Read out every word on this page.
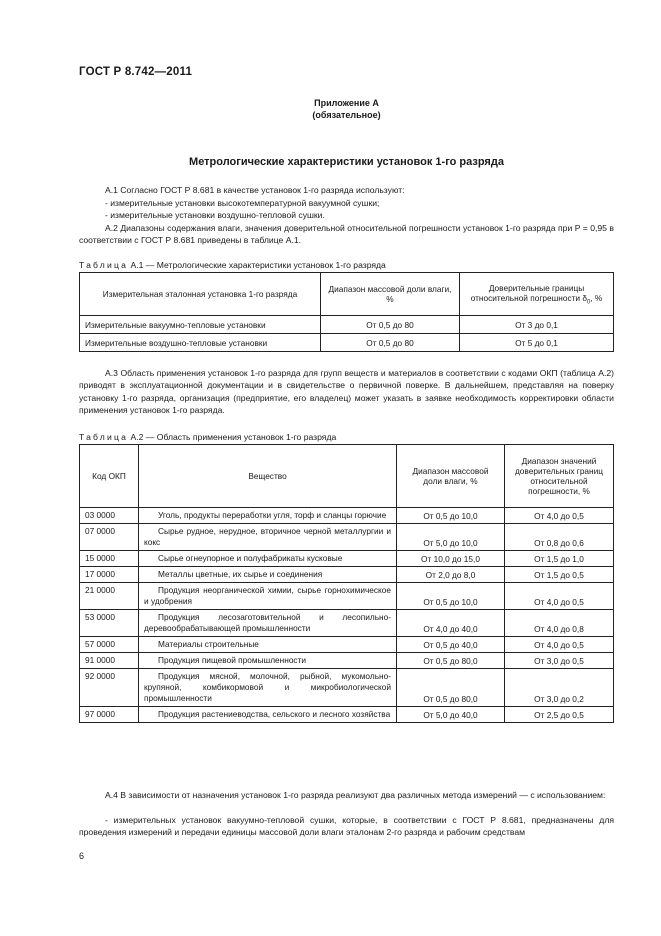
ГОСТ Р 8.742—2011
Приложение А
(обязательное)
Метрологические характеристики установок 1-го разряда
А.1 Согласно ГОСТ Р 8.681 в качестве установок 1-го разряда используют:
- измерительные установки высокотемпературной вакуумной сушки;
- измерительные установки воздушно-тепловой сушки.
А.2 Диапазоны содержания влаги, значения доверительной относительной погрешности установок 1-го разряда при P = 0,95 в соответствии с ГОСТ Р 8.681 приведены в таблице А.1.
Таблица А.1 — Метрологические характеристики установок 1-го разряда
Измерительная эталонная установка 1-го разряда	Диапазон массовой доли влаги, %	Доверительные границы относительной погрешности $\delta_0$, %
Измерительные вакуумно-тепловые установки	От 0,5 до 80	От 3 до 0,1
Измерительные воздушно-тепловые установки	От 0,5 до 80	От 5 до 0,1
А.3 Область применения установок 1-го разряда для групп веществ и материалов в соответствии с кодами ОКП (таблица А.2) приводят в эксплуатационной документации и в свидетельстве о первичной поверке. В дальнейшем, представляя на поверку установку 1-го разряда, организация (предприятие, его владелец) может указать в заявке необходимость корректировки области применения установок 1-го разряда.
Таблица А.2 — Область применения установок 1-го разряда
Код ОКП	Вещество	Диапазон массовой доли влаги, %	Диапазон значений доверительных границ относительной погрешности, %
03 0000	Уголь, продукты переработки угля, торф и сланцы горючие	От 0,5 до 10,0	От 4,0 до 0,5
07 0000	Сырье рудное, нерудное, вторичное черной металлургии и кокс	От 5,0 до 10,0	От 0,8 до 0,6
15 0000	Сырье огнеупорное и полуфабрикаты кусковые	От 10,0 до 15,0	От 1,5 до 1,0
17 0000	Металлы цветные, их сырье и соединения	От 2,0 до 8,0	От 1,5 до 0,5
21 0000	Продукция неорганической химии, сырье горнохимическое и удобрения	От 0,5 до 10,0	От 4,0 до 0,5
53 0000	Продукция лесозаготовительной и лесопильно-деревообрабатывающей промышленности	От 4,0 до 40,0	От 4,0 до 0,8
57 0000	Материалы строительные	От 0,5 до 40,0	От 4,0 до 0,5
91 0000	Продукция пищевой промышленности	От 0,5 до 80,0	От 3,0 до 0,5
92 0000	Продукция мясной, молочной, рыбной, мукомольно-крупяной, комбикормовой и микробиологической промышленности	От 0,5 до 80,0	От 3,0 до 0,2
97 0000	Продукция растениеводства, сельского и лесного хозяйства	От 5,0 до 40,0	От 2,5 до 0,5
А.4 В зависимости от назначения установок 1-го разряда реализуют два различных метода измерений — с использованием:
- измерительных установок вакуумно-тепловой сушки, которые, в соответствии с ГОСТ Р 8.681, предназначены для проведения измерений и передачи единицы массовой доли влаги эталонам 2-го разряда и рабочим средствам
6
